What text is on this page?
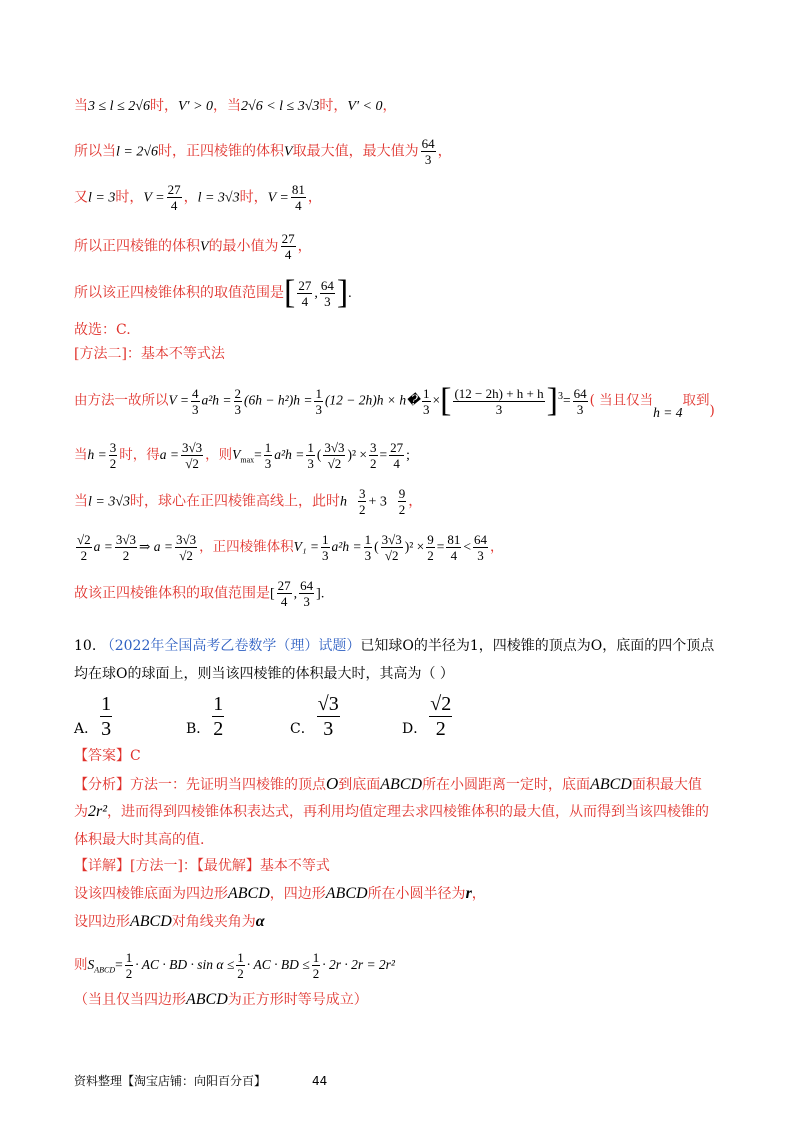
当3 ≤ l ≤ 2√6时，V′ > 0，当2√6 < l ≤ 3√3时，V′ < 0，
所以当l = 2√6时，正四棱锥的体积V取最大值，最大值为 $\frac{64}{3}$ ，
又l = 3时，$V = \frac{27}{4}$ ，l = 3√3时，$V = \frac{81}{4}$ ，
所以正四棱锥的体积V的最小值为 $\frac{27}{4}$ ，
所以该正四棱锥体积的取值范围是[ $\frac{27}{4}$ , $\frac{64}{3}$ ].
故选：C.
[方法二]：基本不等式法
由方法一故所以$V = \frac{4}{3} a^2h = \frac{2}{3} (6h - h^2)h = \frac{1}{3} (12 - 2h)h$ × h� $\frac{1}{3}$ ×[ $\frac{(12 - 2h) + h + h}{3} ]^3= \frac{64}{3}$ ( 当且仅当h = 4取到)
当$h = \frac{3}{2}$ 时，得$a = \frac{3√3}{√2}$ ，则$V_{max}= \frac{1}{3} a^2h = \frac{1}{3}$ ( $\frac{3√3}{√2} )^2 \times \frac{3}{2} = \frac{27}{4}$ ;
当l = 3√3时，球心在正四棱锥高线上，此时h $\frac{3}{2} + 3 \frac{9}{2}$ ，
$\frac{√2}{2}$ $a = \frac{3√3}{2}$ ⇒ $a = \frac{3√3}{√2}$ ，正四棱锥体积$V_1 = \frac{1}{3} a^2h = \frac{1}{3}$ ( $\frac{3√3}{√2} )^2 \times \frac{9}{2} = \frac{81}{4} < \frac{64}{3}$ ，
故该正四棱锥体积的取值范围是[ $\frac{27}{4}$ , $\frac{64}{3}$ ].
10. （2022年全国高考乙卷数学（理）试题）已知球O的半径为1，四棱锥的顶点为O，底面的四个顶点
均在球O的球面上，则当该四棱锥的体积最大时，其高为（ ）
A． $\frac{1}{3}$	B． $\frac{1}{2}$	C． $\frac{√3}{3}$	D． $\frac{√2}{2}$
【答案】C
【分析】方法一：先证明当四棱锥的顶点O到底面ABCD所在小圆距离一定时，底面ABCD面积最大值
为2r²，进而得到四棱锥体积表达式，再利用均值定理去求四棱锥体积的最大值，从而得到当该四棱锥的
体积最大时其高的值.
【详解】[方法一]：【最优解】基本不等式
设该四棱锥底面为四边形ABCD，四边形ABCD所在小圆半径为r，
设四边形ABCD对角线夹角为α
则$S_{ABCD}= \frac{1}{2}$ · AC · BD · $\sin \alpha \le \frac{1}{2}$ · AC · BD ≤ $\frac{1}{2} \cdot 2r \cdot 2r = 2r^2$
（当且仅当四边形ABCD为正方形时等号成立）
资料整理【淘宝店铺：向阳百分百】	44
